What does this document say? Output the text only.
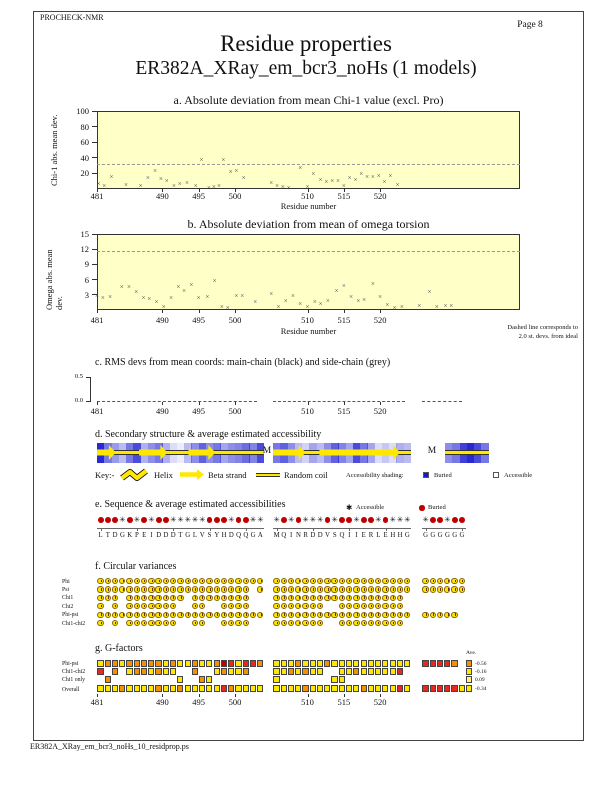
PROCHECK-NMR
Page 8
Residue properties
ER382A_XRay_em_bcr3_noHs (1 models)
a. Absolute deviation from mean Chi-1 value (excl. Pro)
Chi-1 abs. mean dev.
Residue number
b. Absolute deviation from mean of omega torsion
Omega abs. mean dev.
Residue number	Dashed line corresponds to
2.0 st. devs. from ideal
c. RMS devs from mean coords: main-chain (black) and side-chain (grey)
d. Secondary structure & average estimated accessibility
Key:-	Helix	Beta strand	Random coil	Accessibility shading:	Buried	Accessible
e. Sequence & average estimated accessibilities	✱ Accessible	Buried
f. Circular variances
g. G-factors	Ave.
ER382A_XRay_em_bcr3_noHs_10_residprop.ps
20
40
60
80
100
481	490	495	500	510	515	520
× ×
×
× ×
×
×
× ×
× × × ×
×
× × ×
×
× ×
×
× × × ×
×
×
×
× × × ×
×
× ×
× × × ×
×
×
×
3
6
9
12
15
481	490	495	500	510	515	520
× × ×
× ×
×
× × ×
×
×
×
×
×
× ×
×
× ×
× ×
×
×
×
×
×
× ×
× × ×
×
×
×
× ×
×
×
× × × ×
×
× × ×
0.5
0.0
481	490	495	500	510	515	520
M	M
L T D
✳
G K
✳
P E
✳
I D D
✳
D
✳
T
✳
G
✳
L
✳
V S Y H
✳
D Q Q
✳
G
✳
A
✳
M Q
✳
I N
✳
R
✳
D
✳
D V
✳
S Q I
✳
I E R
✳
L E
✳
H
✳
H
✳
G
✳
G G G
✳
G G G
Phi
Psi
Chi1
Chi2
Phi-psi
Chi1-chi2
Phi-psi
Chi1-chi2
Chi1 only
Overall
481	490	495	500	510	515	520
-0.56
-0.16
0.09
-0.34
